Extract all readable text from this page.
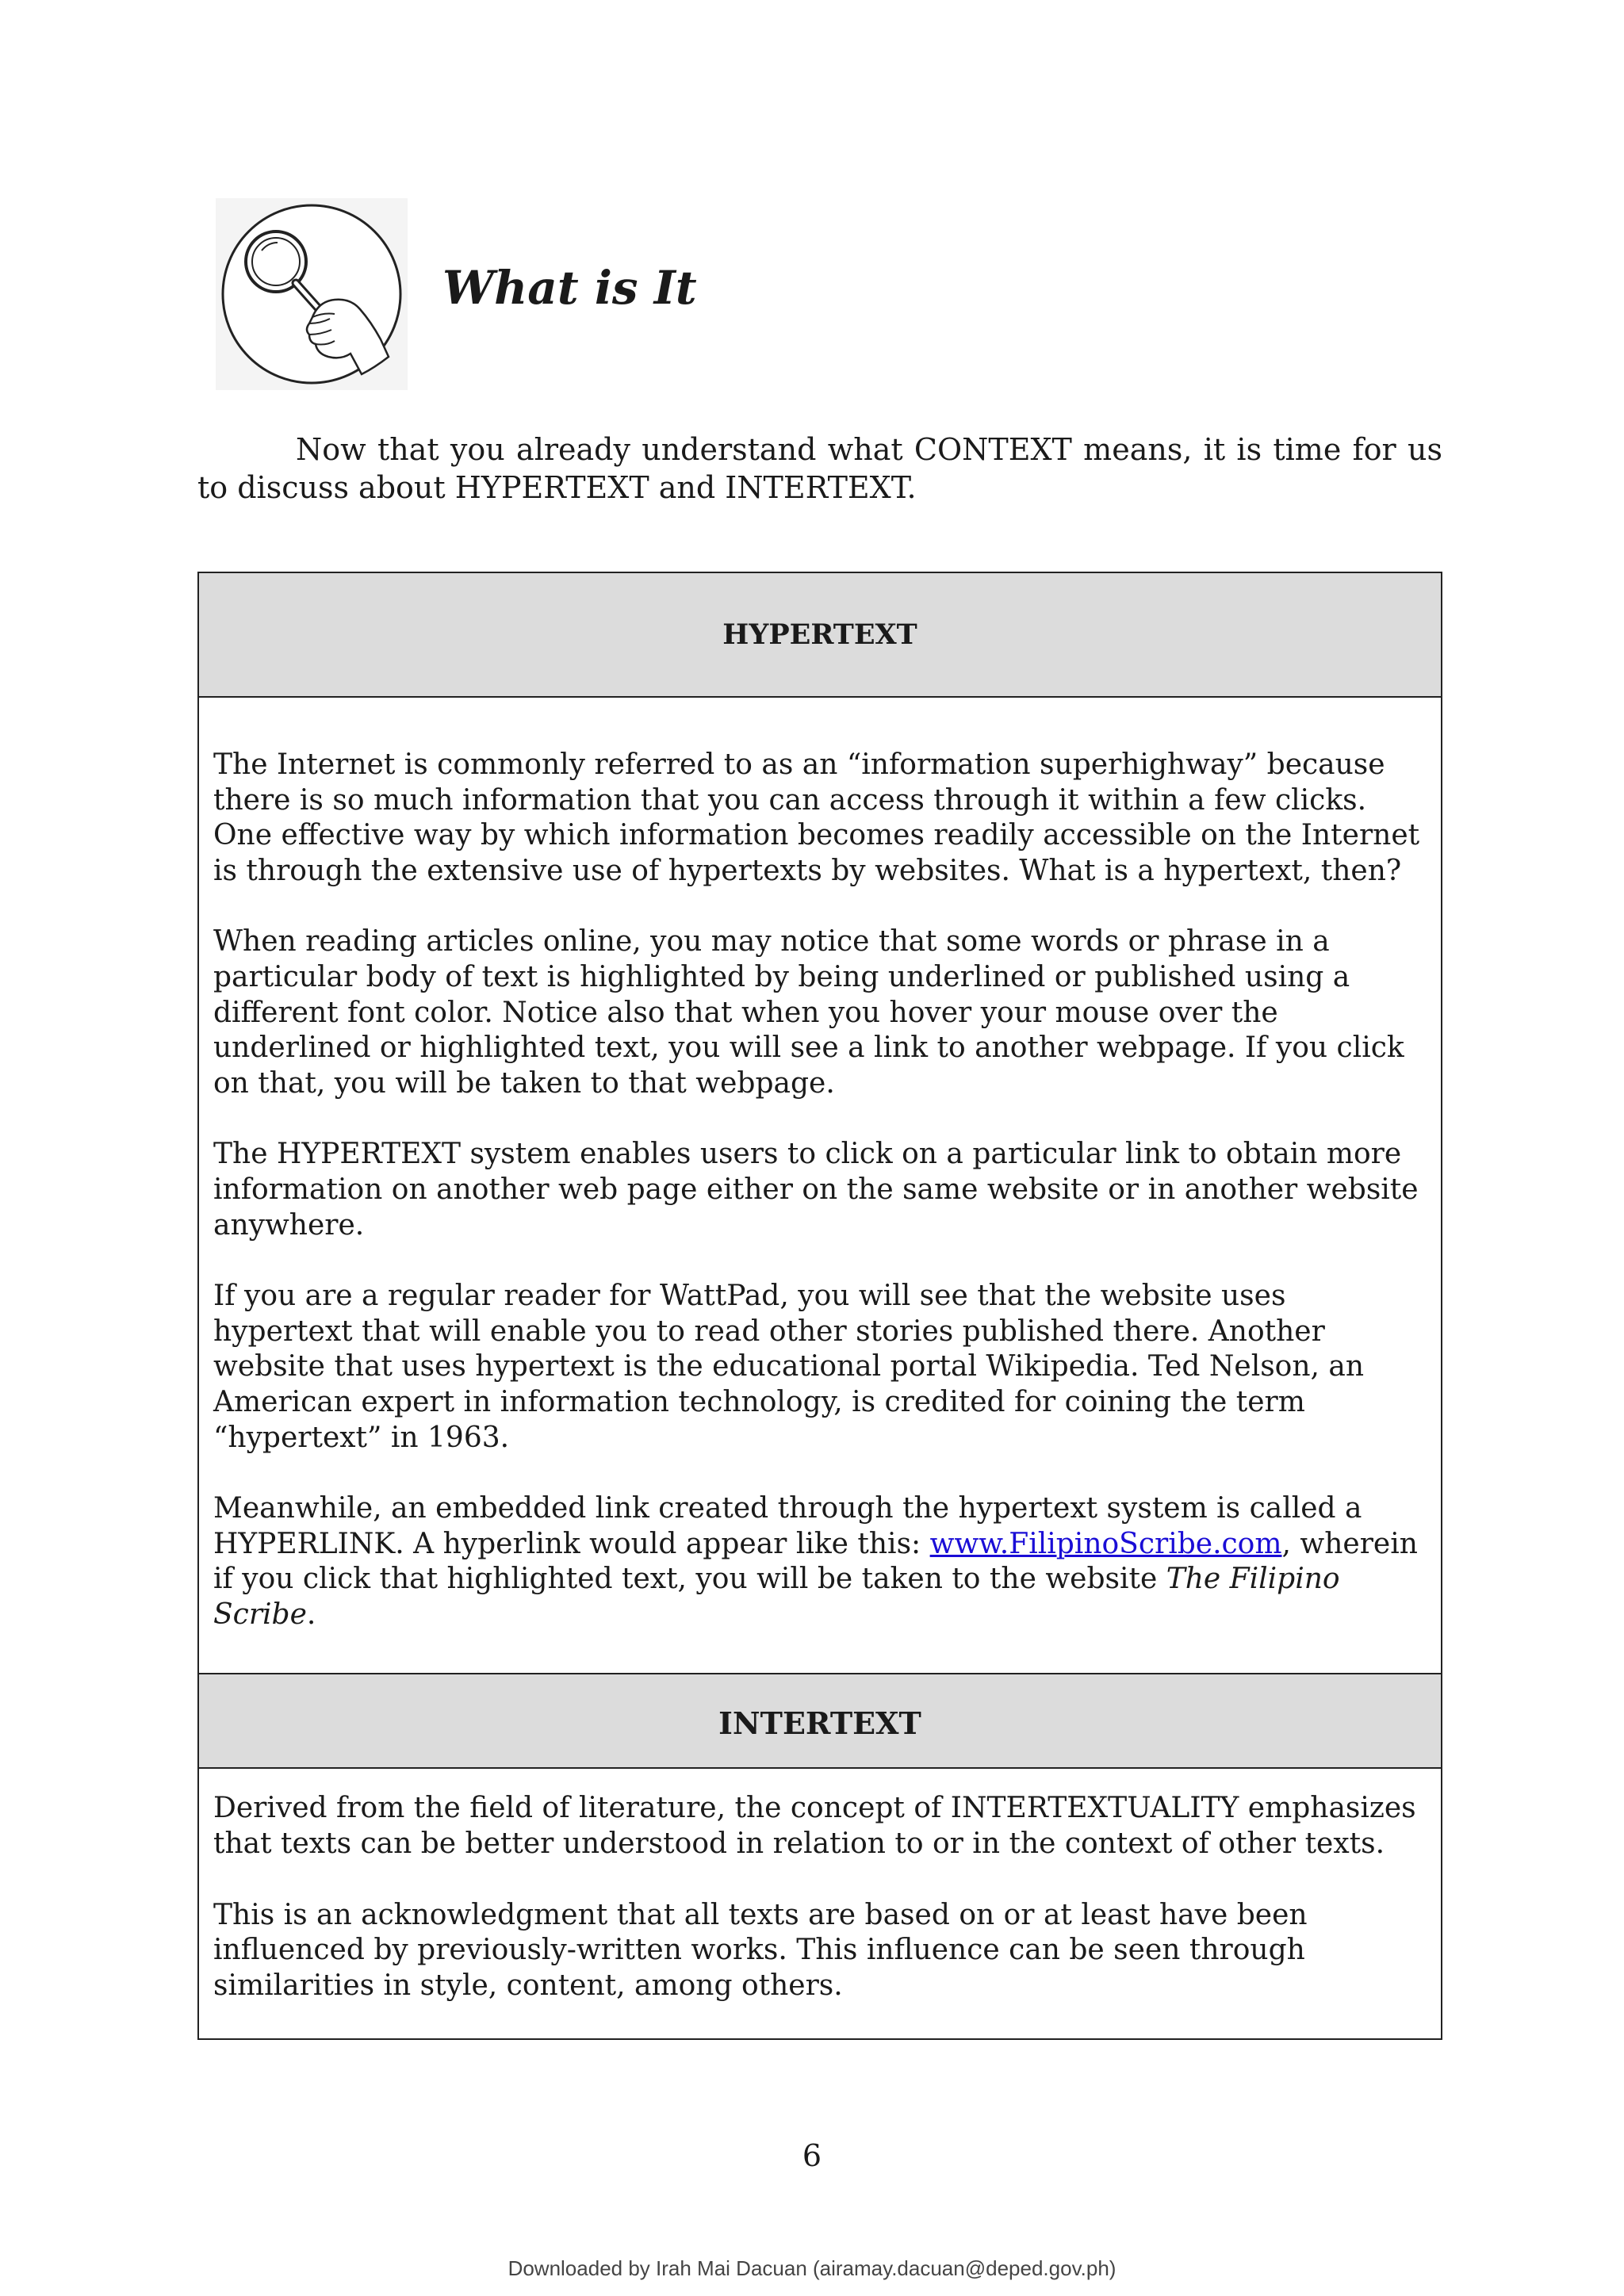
What is It

Now that you already understand what CONTEXT means, it is time for us to discuss about HYPERTEXT and INTERTEXT.

HYPERTEXT

The Internet is commonly referred to as an “information superhighway” because there is so much information that you can access through it within a few clicks. One effective way by which information becomes readily accessible on the Internet is through the extensive use of hypertexts by websites. What is a hypertext, then?

When reading articles online, you may notice that some words or phrase in a particular body of text is highlighted by being underlined or published using a different font color. Notice also that when you hover your mouse over the underlined or highlighted text, you will see a link to another webpage. If you click on that, you will be taken to that webpage.

The HYPERTEXT system enables users to click on a particular link to obtain more information on another web page either on the same website or in another website anywhere.

If you are a regular reader for WattPad, you will see that the website uses hypertext that will enable you to read other stories published there. Another website that uses hypertext is the educational portal Wikipedia. Ted Nelson, an American expert in information technology, is credited for coining the term “hypertext” in 1963.

Meanwhile, an embedded link created through the hypertext system is called a HYPERLINK. A hyperlink would appear like this: www.FilipinoScribe.com, wherein if you click that highlighted text, you will be taken to the website The Filipino Scribe.

INTERTEXT

Derived from the field of literature, the concept of INTERTEXTUALITY emphasizes that texts can be better understood in relation to or in the context of other texts.

This is an acknowledgment that all texts are based on or at least have been influenced by previously-written works. This influence can be seen through similarities in style, content, among others.

6
Downloaded by Irah Mai Dacuan (airamay.dacuan@deped.gov.ph)
